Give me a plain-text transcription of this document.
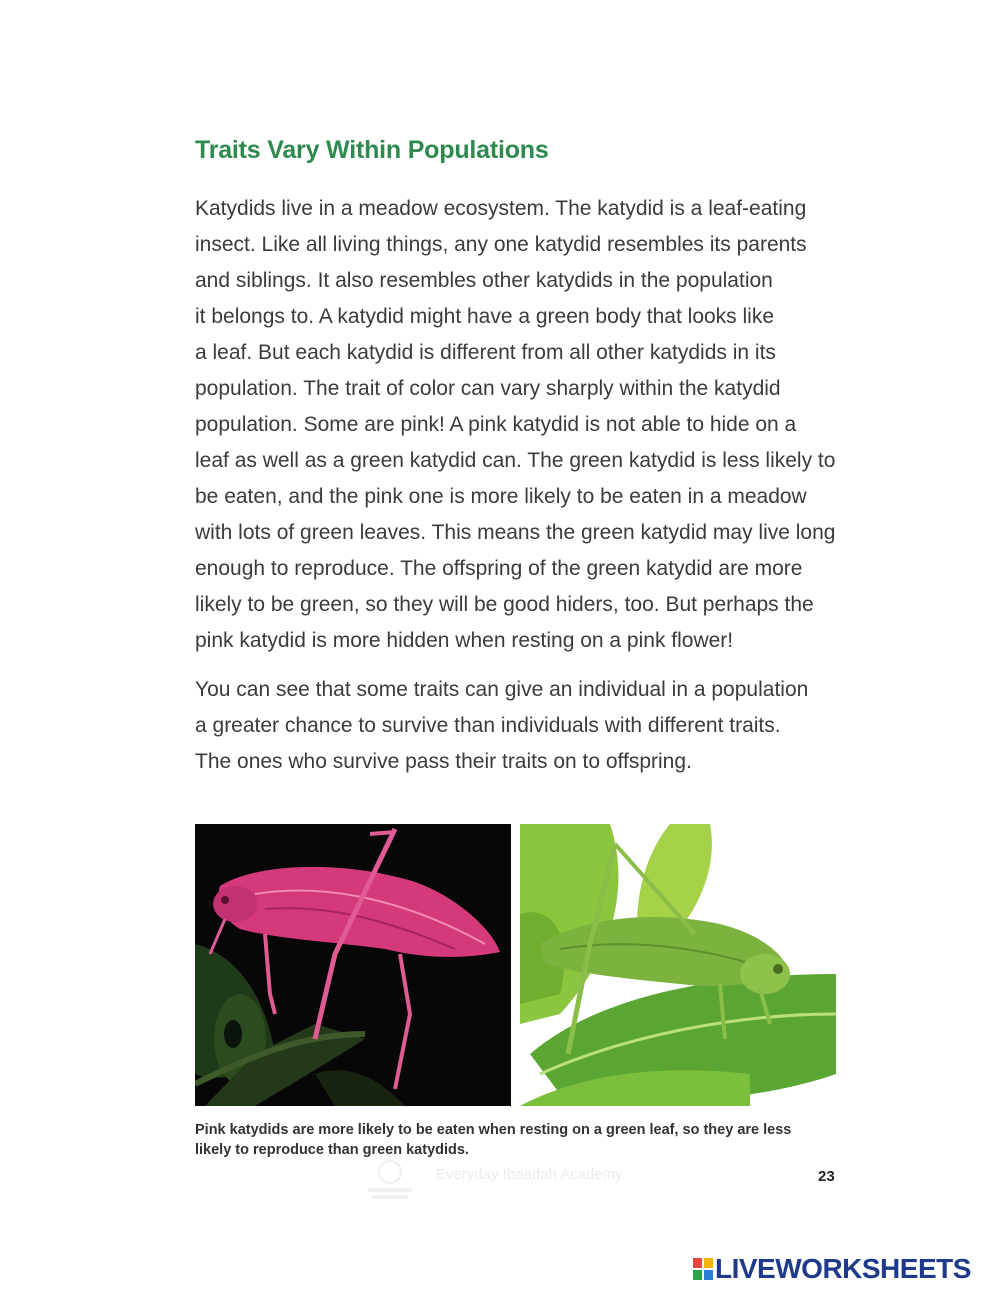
Traits Vary Within Populations
Katydids live in a meadow ecosystem. The katydid is a leaf-eating
insect. Like all living things, any one katydid resembles its parents
and siblings. It also resembles other katydids in the population
it belongs to. A katydid might have a green body that looks like
a leaf. But each katydid is different from all other katydids in its
population. The trait of color can vary sharply within the katydid
population. Some are pink! A pink katydid is not able to hide on a
leaf as well as a green katydid can. The green katydid is less likely to
be eaten, and the pink one is more likely to be eaten in a meadow
with lots of green leaves. This means the green katydid may live long
enough to reproduce. The offspring of the green katydid are more
likely to be green, so they will be good hiders, too. But perhaps the
pink katydid is more hidden when resting on a pink flower!
You can see that some traits can give an individual in a population
a greater chance to survive than individuals with different traits.
The ones who survive pass their traits on to offspring.
Pink katydids are more likely to be eaten when resting on a green leaf, so they are less
likely to reproduce than green katydids.
Everyday Ibaadah Academy	23
LIVEWORKSHEETS
